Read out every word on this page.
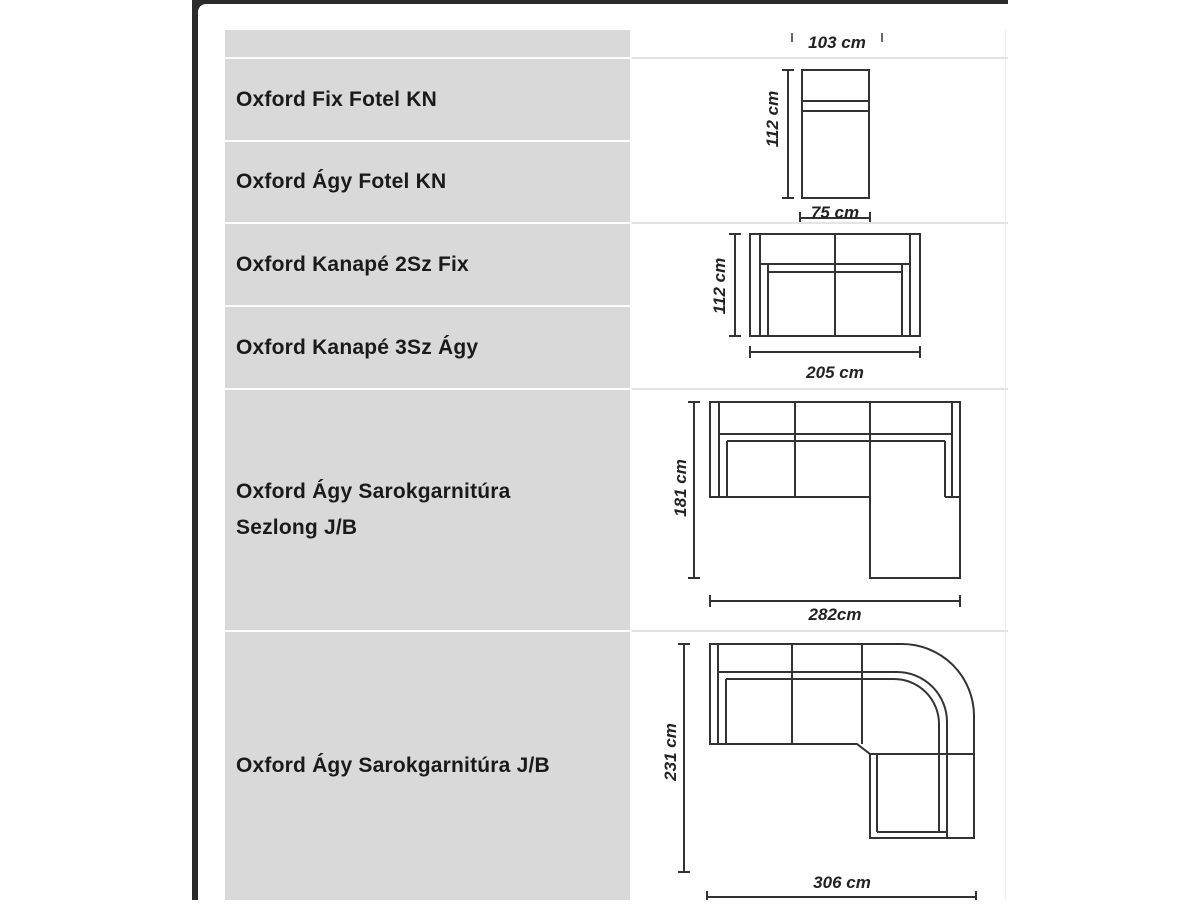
103 cm
Oxford Fix Fotel KN
Oxford Ágy Fotel KN
112 cm
75 cm
Oxford Kanapé 2Sz Fix
Oxford Kanapé 3Sz Ágy
112 cm
205 cm
Oxford Ágy Sarokgarnitúra
Sezlong J/B
181 cm
282cm
Oxford Ágy Sarokgarnitúra J/B	231 cm
306 cm
